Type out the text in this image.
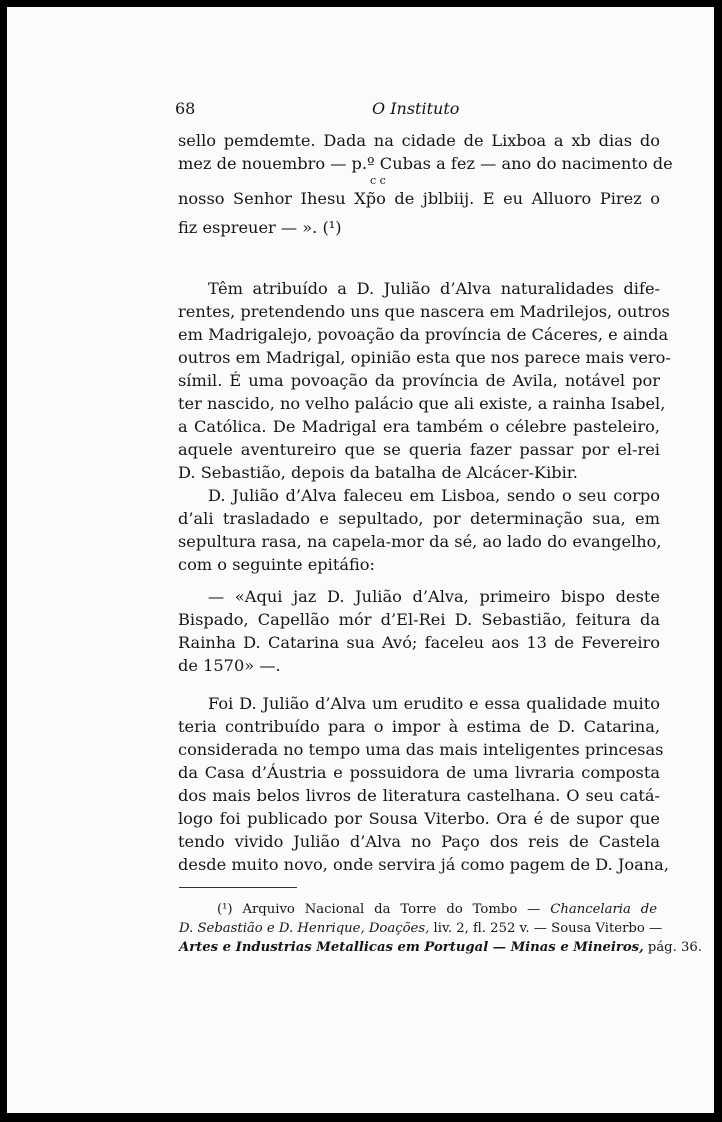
68	O Instituto
sello pemdemte. Dada na cidade de Lixboa a xb dias do
mez de nouembro — p.º Cubas a fez — ano do nacimento de
c c
nosso Senhor Ihesu Xp̃o de jblbiij. E eu Alluoro Pirez o
fiz espreuer — ». (¹)
Têm atribuído a D. Julião d’Alva naturalidades dife-
rentes, pretendendo uns que nascera em Madrilejos, outros
em Madrigalejo, povoação da província de Cáceres, e ainda
outros em Madrigal, opinião esta que nos parece mais vero-
símil. É uma povoação da província de Avila, notável por
ter nascido, no velho palácio que ali existe, a rainha Isabel,
a Católica. De Madrigal era também o célebre pasteleiro,
aquele aventureiro que se queria fazer passar por el-rei
D. Sebastião, depois da batalha de Alcácer-Kibir.
D. Julião d’Alva faleceu em Lisboa, sendo o seu corpo
d’ali trasladado e sepultado, por determinação sua, em
sepultura rasa, na capela-mor da sé, ao lado do evangelho,
com o seguinte epitáfio:
— «Aqui jaz D. Julião d’Alva, primeiro bispo deste
Bispado, Capellão mór d’El-Rei D. Sebastião, feitura da
Rainha D. Catarina sua Avó; faceleu aos 13 de Fevereiro
de 1570» —.
Foi D. Julião d’Alva um erudito e essa qualidade muito
teria contribuído para o impor à estima de D. Catarina,
considerada no tempo uma das mais inteligentes princesas
da Casa d’Áustria e possuidora de uma livraria composta
dos mais belos livros de literatura castelhana. O seu catá-
logo foi publicado por Sousa Viterbo. Ora é de supor que
tendo vivido Julião d’Alva no Paço dos reis de Castela
desde muito novo, onde servira já como pagem de D. Joana,
(¹) Arquivo Nacional da Torre do Tombo — Chancelaria de
D. Sebastião e D. Henrique, Doações, liv. 2, fl. 252 v. — Sousa Viterbo —
Artes e Industrias Metallicas em Portugal — Minas e Mineiros, pág. 36.
